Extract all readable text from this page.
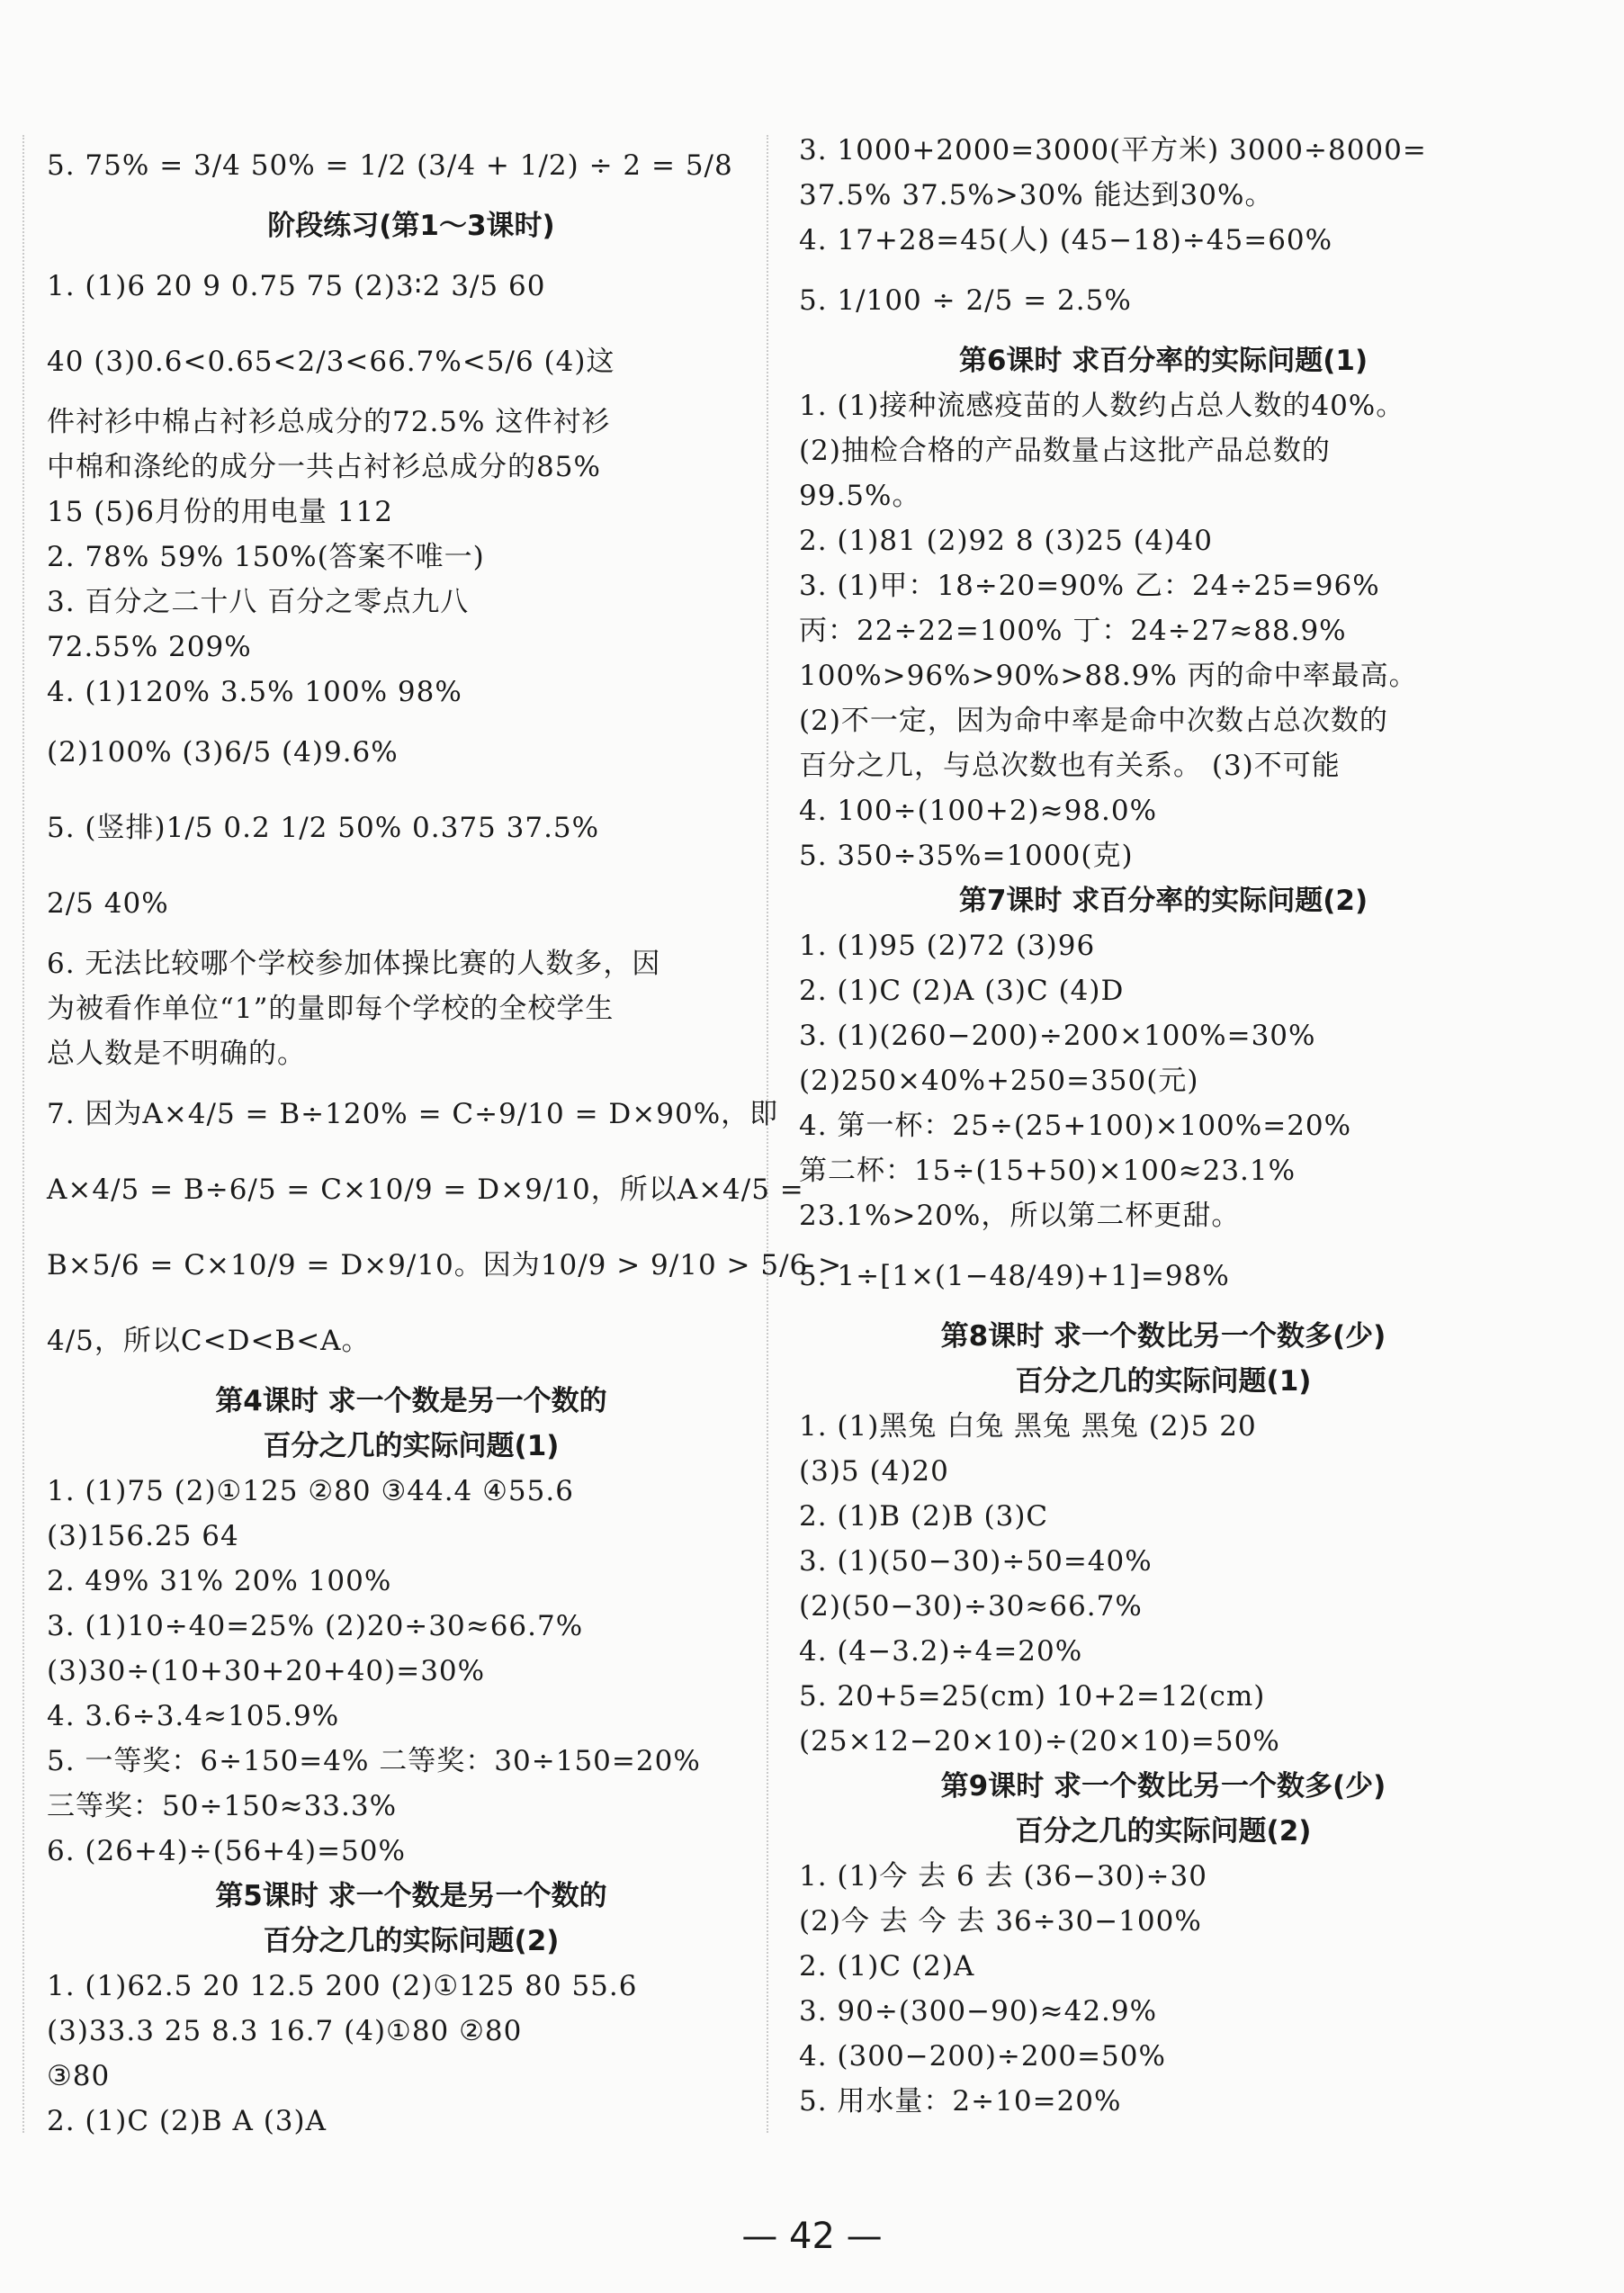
5. 75% = 3/4 50% = 1/2 (3/4 + 1/2) ÷ 2 = 5/8
阶段练习(第1～3课时)
1. (1)6 20 9 0.75 75 (2)3∶2 3/5 60
40 (3)0.6<0.65<2/3<66.7%<5/6 (4)这
件衬衫中棉占衬衫总成分的72.5% 这件衬衫
中棉和涤纶的成分一共占衬衫总成分的85%
15 (5)6月份的用电量 112
2. 78% 59% 150%(答案不唯一)
3. 百分之二十八 百分之零点九八
72.55% 209%
4. (1)120% 3.5% 100% 98%
(2)100% (3)6/5 (4)9.6%
5. (竖排)1/5 0.2 1/2 50% 0.375 37.5%
2/5 40%
6. 无法比较哪个学校参加体操比赛的人数多，因
为被看作单位“1”的量即每个学校的全校学生
总人数是不明确的。
7. 因为A×4/5 = B÷120% = C÷9/10 = D×90%，即
A×4/5 = B÷6/5 = C×10/9 = D×9/10，所以A×4/5 =
B×5/6 = C×10/9 = D×9/10。因为10/9 > 9/10 > 5/6 >
4/5，所以C<D<B<A。
第4课时 求一个数是另一个数的
百分之几的实际问题(1)
1. (1)75 (2)①125 ②80 ③44.4 ④55.6
(3)156.25 64
2. 49% 31% 20% 100%
3. (1)10÷40=25% (2)20÷30≈66.7%
(3)30÷(10+30+20+40)=30%
4. 3.6÷3.4≈105.9%
5. 一等奖：6÷150=4% 二等奖：30÷150=20%
三等奖：50÷150≈33.3%
6. (26+4)÷(56+4)=50%
第5课时 求一个数是另一个数的
百分之几的实际问题(2)
1. (1)62.5 20 12.5 200 (2)①125 80 55.6
(3)33.3 25 8.3 16.7 (4)①80 ②80
③80
2. (1)C (2)B A (3)A
3. 1000+2000=3000(平方米) 3000÷8000=
37.5% 37.5%>30% 能达到30%。
4. 17+28=45(人) (45−18)÷45=60%
5. 1/100 ÷ 2/5 = 2.5%
第6课时 求百分率的实际问题(1)
1. (1)接种流感疫苗的人数约占总人数的40%。
(2)抽检合格的产品数量占这批产品总数的
99.5%。
2. (1)81 (2)92 8 (3)25 (4)40
3. (1)甲：18÷20=90% 乙：24÷25=96%
丙：22÷22=100% 丁：24÷27≈88.9%
100%>96%>90%>88.9% 丙的命中率最高。
(2)不一定，因为命中率是命中次数占总次数的
百分之几，与总次数也有关系。 (3)不可能
4. 100÷(100+2)≈98.0%
5. 350÷35%=1000(克)
第7课时 求百分率的实际问题(2)
1. (1)95 (2)72 (3)96
2. (1)C (2)A (3)C (4)D
3. (1)(260−200)÷200×100%=30%
(2)250×40%+250=350(元)
4. 第一杯：25÷(25+100)×100%=20%
第二杯：15÷(15+50)×100≈23.1%
23.1%>20%，所以第二杯更甜。
5. 1÷[1×(1−48/49)+1]=98%
第8课时 求一个数比另一个数多(少)
百分之几的实际问题(1)
1. (1)黑兔 白兔 黑兔 黑兔 (2)5 20
(3)5 (4)20
2. (1)B (2)B (3)C
3. (1)(50−30)÷50=40%
(2)(50−30)÷30≈66.7%
4. (4−3.2)÷4=20%
5. 20+5=25(cm) 10+2=12(cm)
(25×12−20×10)÷(20×10)=50%
第9课时 求一个数比另一个数多(少)
百分之几的实际问题(2)
1. (1)今 去 6 去 (36−30)÷30
(2)今 去 今 去 36÷30−100%
2. (1)C (2)A
3. 90÷(300−90)≈42.9%
4. (300−200)÷200=50%
5. 用水量：2÷10=20%
— 42 —
